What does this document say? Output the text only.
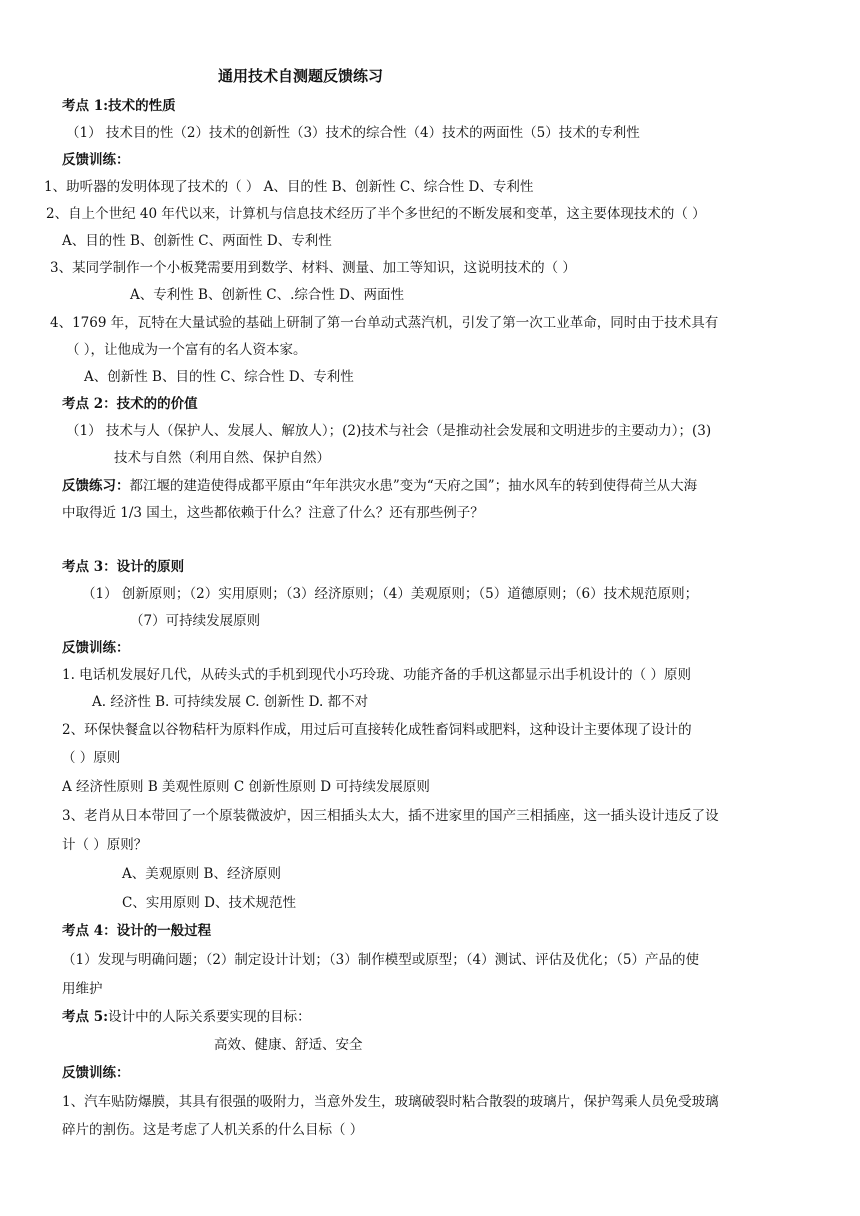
通用技术自测题反馈练习

考点 1:技术的性质

（1） 技术目的性（2）技术的创新性（3）技术的综合性（4）技术的两面性（5）技术的专利性

反馈训练：

1、助听器的发明体现了技术的（ ） A、目的性 B、创新性 C、综合性 D、专利性

2、自上个世纪 40 年代以来，计算机与信息技术经历了半个多世纪的不断发展和变革，这主要体现技术的（ ）

A、目的性 B、创新性 C、两面性 D、专利性

3、某同学制作一个小板凳需要用到数学、材料、测量、加工等知识，这说明技术的（ ）

A、专利性 B、创新性 C、.综合性 D、两面性

4、1769 年，瓦特在大量试验的基础上研制了第一台单动式蒸汽机，引发了第一次工业革命，同时由于技术具有

（ ），让他成为一个富有的名人资本家。

A、创新性 B、目的性 C、综合性 D、专利性

考点 2：技术的的价值

（1） 技术与人（保护人、发展人、解放人）；(2)技术与社会（是推动社会发展和文明进步的主要动力）；(3)

技术与自然（利用自然、保护自然）

反馈练习：都江堰的建造使得成都平原由“年年洪灾水患”变为“天府之国”；抽水风车的转到使得荷兰从大海

中取得近 1/3 国土，这些都依赖于什么？注意了什么？还有那些例子？

考点 3：设计的原则

（1） 创新原则；（2）实用原则；（3）经济原则；（4）美观原则；（5）道德原则；（6）技术规范原则；

（7）可持续发展原则

反馈训练：

1. 电话机发展好几代，从砖头式的手机到现代小巧玲珑、功能齐备的手机这都显示出手机设计的（ ）原则

A. 经济性 B. 可持续发展 C. 创新性 D. 都不对

2、环保快餐盒以谷物秸杆为原料作成，用过后可直接转化成牲畜饲料或肥料，这种设计主要体现了设计的

（ ）原则

A 经济性原则 B 美观性原则 C 创新性原则 D 可持续发展原则

3、老肖从日本带回了一个原装微波炉，因三相插头太大，插不进家里的国产三相插座，这一插头设计违反了设

计（ ）原则？

A、美观原则 B、经济原则

C、实用原则 D、技术规范性

考点 4：设计的一般过程

（1）发现与明确问题；（2）制定设计计划；（3）制作模型或原型；（4）测试、评估及优化；（5）产品的使

用维护

考点 5:设计中的人际关系要实现的目标：

高效、健康、舒适、安全

反馈训练：

1、汽车贴防爆膜，其具有很强的吸附力，当意外发生，玻璃破裂时粘合散裂的玻璃片，保护驾乘人员免受玻璃

碎片的割伤。这是考虑了人机关系的什么目标（ ）
